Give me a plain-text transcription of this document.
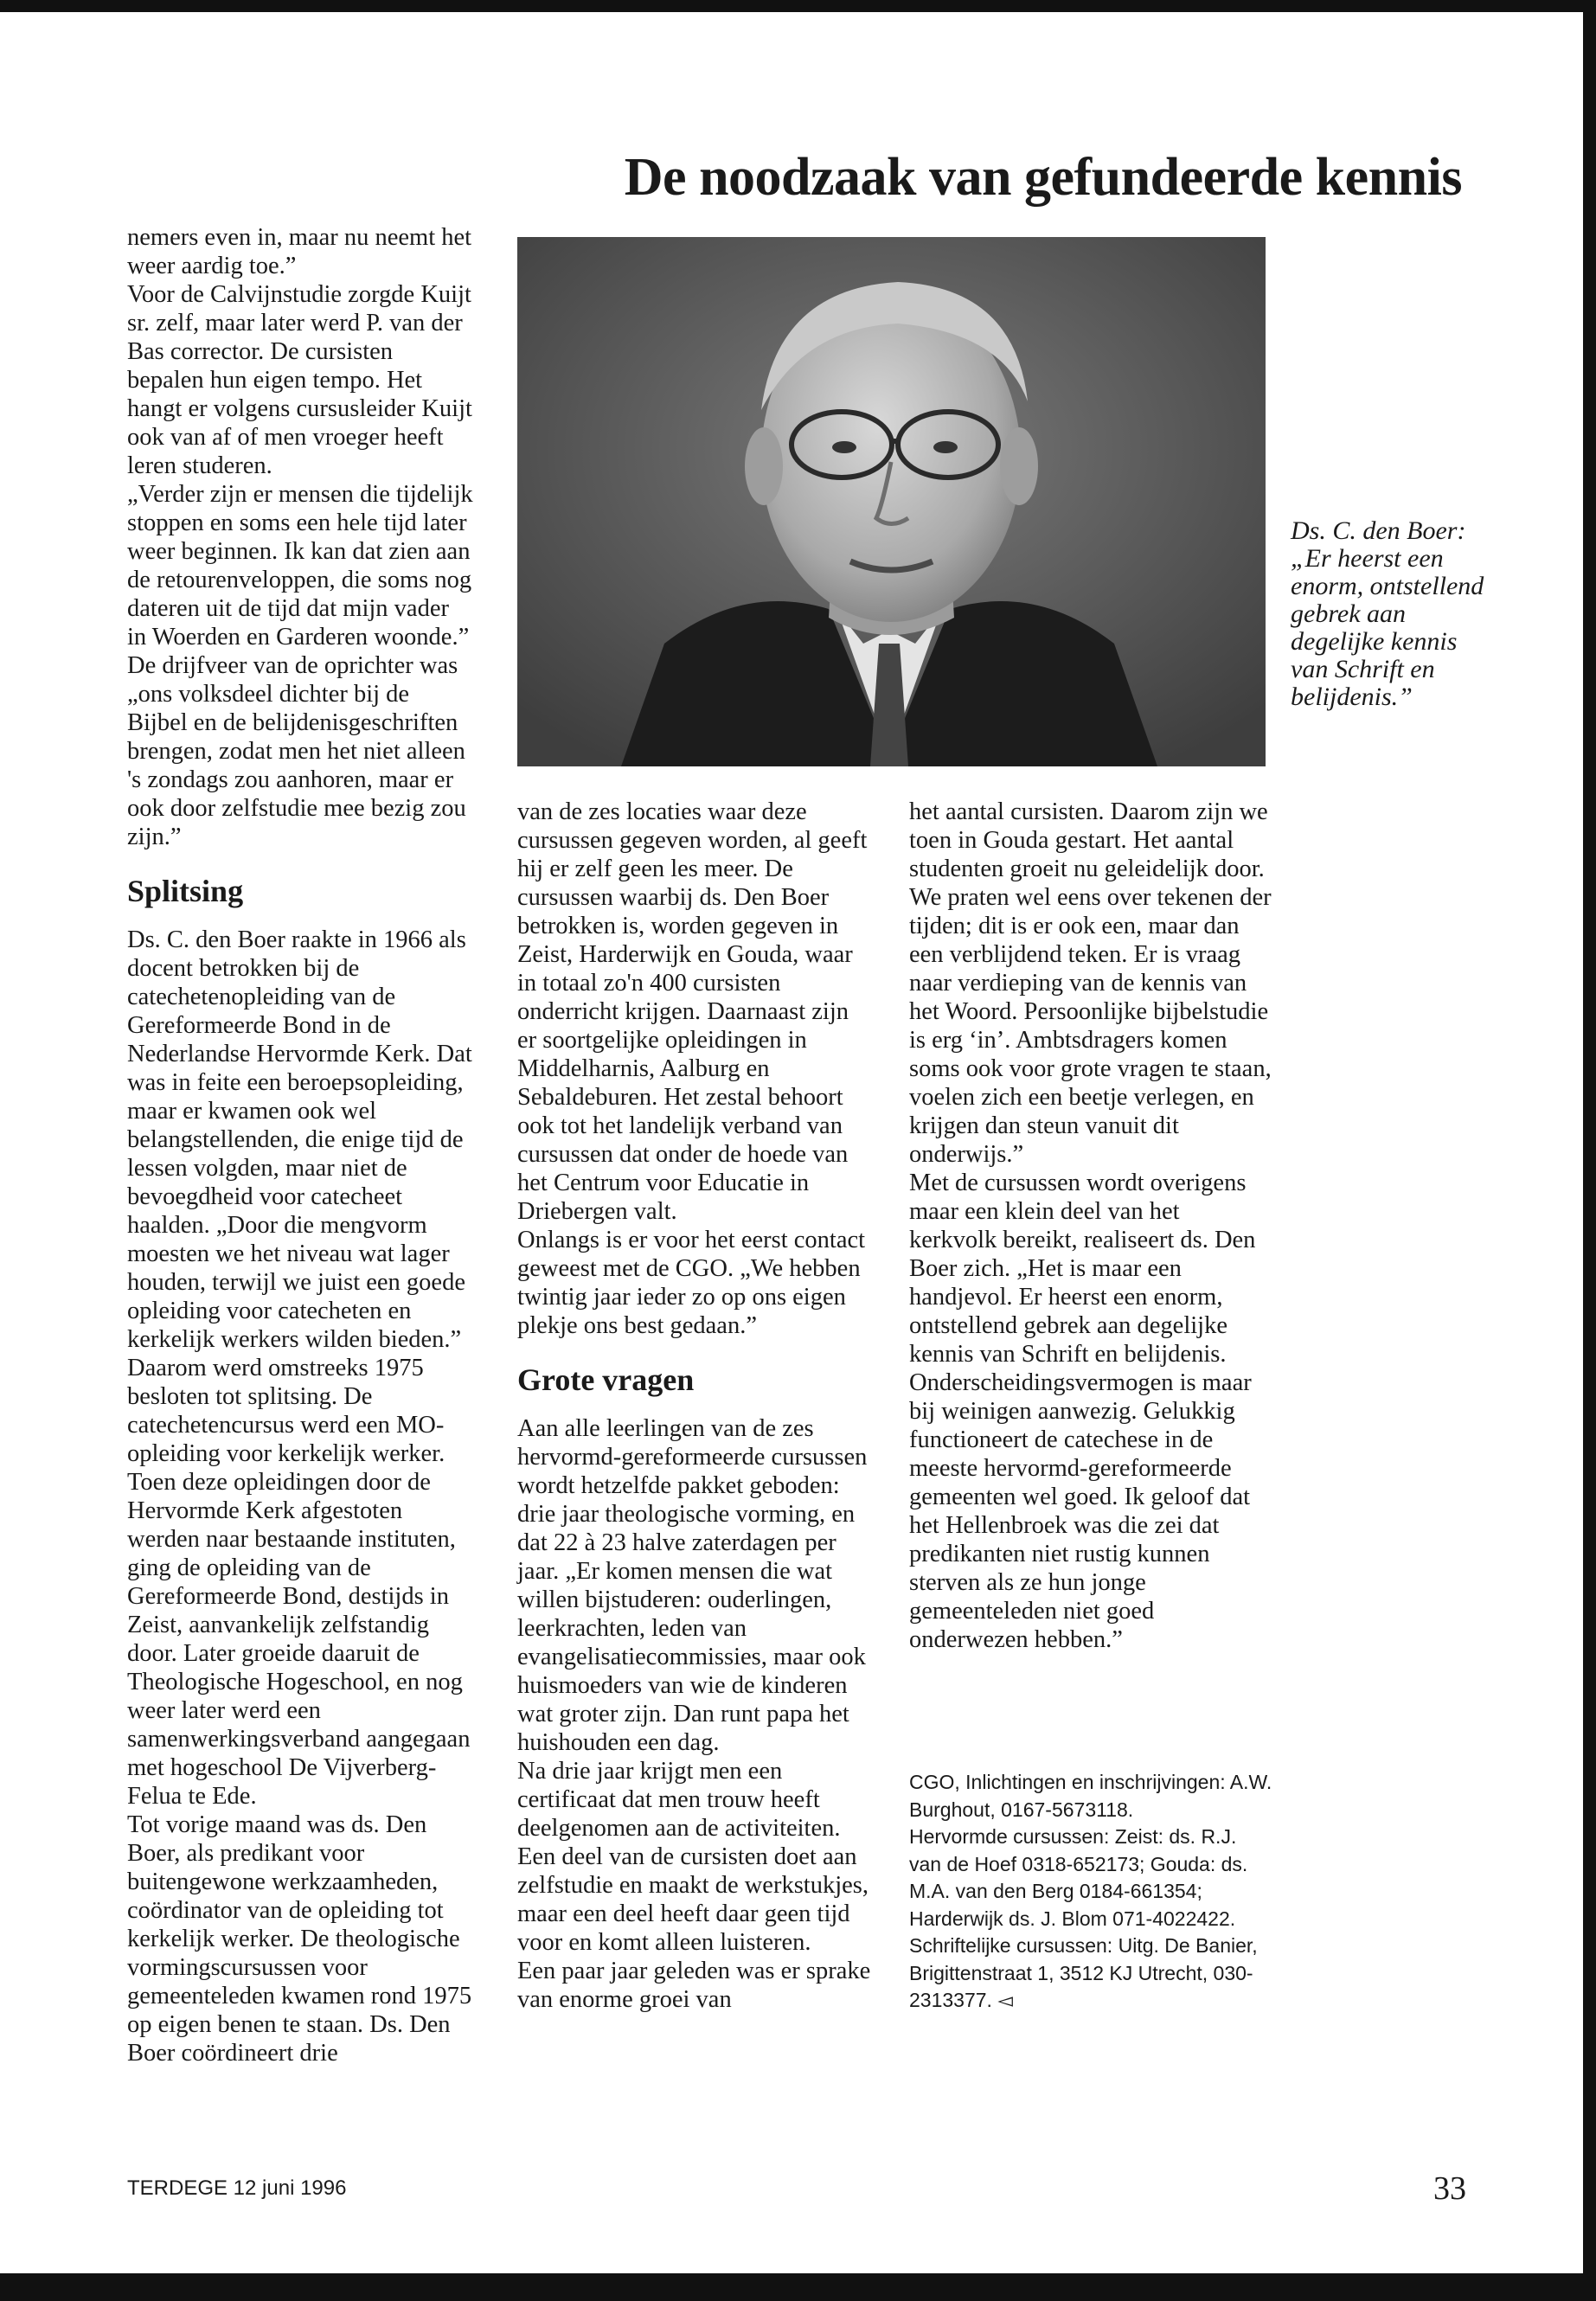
De noodzaak van gefundeerde kennis

nemers even in, maar nu neemt het weer aardig toe.”

Voor de Calvijnstudie zorgde Kuijt sr. zelf, maar later werd P. van der Bas corrector. De cursisten bepalen hun eigen tempo. Het hangt er volgens cursusleider Kuijt ook van af of men vroeger heeft leren studeren.

„Verder zijn er mensen die tijdelijk stoppen en soms een hele tijd later weer beginnen. Ik kan dat zien aan de retourenveloppen, die soms nog dateren uit de tijd dat mijn vader in Woerden en Garderen woonde.”

De drijfveer van de oprichter was „ons volksdeel dichter bij de Bijbel en de belijdenisgeschriften brengen, zodat men het niet alleen 's zondags zou aanhoren, maar er ook door zelfstudie mee bezig zou zijn.”

Splitsing

Ds. C. den Boer raakte in 1966 als docent betrokken bij de catechetenopleiding van de Gereformeerde Bond in de Nederlandse Hervormde Kerk. Dat was in feite een beroepsopleiding, maar er kwamen ook wel belangstellenden, die enige tijd de lessen volgden, maar niet de bevoegdheid voor catecheet haalden. „Door die mengvorm moesten we het niveau wat lager houden, terwijl we juist een goede opleiding voor catecheten en kerkelijk werkers wilden bieden.”

Daarom werd omstreeks 1975 besloten tot splitsing. De catechetencursus werd een MO-opleiding voor kerkelijk werker. Toen deze opleidingen door de Hervormde Kerk afgestoten werden naar bestaande instituten, ging de opleiding van de Gereformeerde Bond, destijds in Zeist, aanvankelijk zelfstandig door. Later groeide daaruit de Theologische Hogeschool, en nog weer later werd een samenwerkingsverband aangegaan met hogeschool De Vijverberg-Felua te Ede.

Tot vorige maand was ds. Den Boer, als predikant voor buitengewone werkzaamheden, coördinator van de opleiding tot kerkelijk werker. De theologische vormingscursussen voor gemeenteleden kwamen rond 1975 op eigen benen te staan. Ds. Den Boer coördineert drie

Ds. C. den Boer: „Er heerst een enorm, ontstellend gebrek aan degelijke kennis van Schrift en belijdenis.”

van de zes locaties waar deze cursussen gegeven worden, al geeft hij er zelf geen les meer. De cursussen waarbij ds. Den Boer betrokken is, worden gegeven in Zeist, Harderwijk en Gouda, waar in totaal zo'n 400 cursisten onderricht krijgen. Daarnaast zijn er soortgelijke opleidingen in Middelharnis, Aalburg en Sebaldeburen. Het zestal behoort ook tot het landelijk verband van cursussen dat onder de hoede van het Centrum voor Educatie in Driebergen valt.

Onlangs is er voor het eerst contact geweest met de CGO. „We hebben twintig jaar ieder zo op ons eigen plekje ons best gedaan.”

Grote vragen

Aan alle leerlingen van de zes hervormd-gereformeerde cursussen wordt hetzelfde pakket geboden: drie jaar theologische vorming, en dat 22 à 23 halve zaterdagen per jaar. „Er komen mensen die wat willen bijstuderen: ouderlingen, leerkrachten, leden van evangelisatiecommissies, maar ook huismoeders van wie de kinderen wat groter zijn. Dan runt papa het huishouden een dag.

Na drie jaar krijgt men een certificaat dat men trouw heeft deelgenomen aan de activiteiten. Een deel van de cursisten doet aan zelfstudie en maakt de werkstukjes, maar een deel heeft daar geen tijd voor en komt alleen luisteren.

Een paar jaar geleden was er sprake van enorme groei van

het aantal cursisten. Daarom zijn we toen in Gouda gestart. Het aantal studenten groeit nu geleidelijk door. We praten wel eens over tekenen der tijden; dit is er ook een, maar dan een verblijdend teken. Er is vraag naar verdieping van de kennis van het Woord. Persoonlijke bijbelstudie is erg ‘in’. Ambtsdragers komen soms ook voor grote vragen te staan, voelen zich een beetje verlegen, en krijgen dan steun vanuit dit onderwijs.”

Met de cursussen wordt overigens maar een klein deel van het kerkvolk bereikt, realiseert ds. Den Boer zich. „Het is maar een handjevol. Er heerst een enorm, ontstellend gebrek aan degelijke kennis van Schrift en belijdenis. Onderscheidingsvermogen is maar bij weinigen aanwezig. Gelukkig functioneert de catechese in de meeste hervormd-gereformeerde gemeenten wel goed. Ik geloof dat het Hellenbroek was die zei dat predikanten niet rustig kunnen sterven als ze hun jonge gemeenteleden niet goed onderwezen hebben.”

CGO, Inlichtingen en inschrijvingen: A.W. Burghout, 0167-5673118.

Hervormde cursussen: Zeist: ds. R.J. van de Hoef 0318-652173; Gouda: ds. M.A. van den Berg 0184-661354; Harderwijk ds. J. Blom 071-4022422.

Schriftelijke cursussen: Uitg. De Banier, Brigittenstraat 1, 3512 KJ Utrecht, 030-2313377. ◅

TERDEGE 12 juni 1996	33
